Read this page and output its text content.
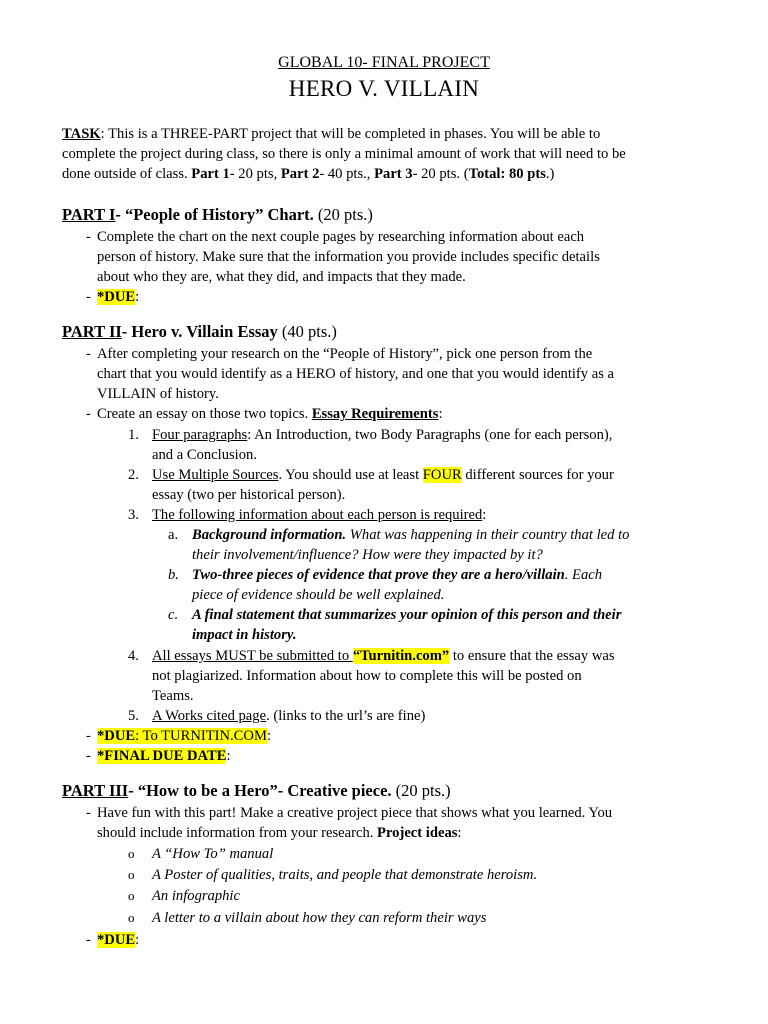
GLOBAL 10- FINAL PROJECT
HERO V. VILLAIN
TASK: This is a THREE-PART project that will be completed in phases. You will be able to
complete the project during class, so there is only a minimal amount of work that will need to be
done outside of class. Part 1- 20 pts, Part 2- 40 pts., Part 3- 20 pts. (Total: 80 pts.)
PART I- “People of History” Chart. (20 pts.)
- Complete the chart on the next couple pages by researching information about each
person of history. Make sure that the information you provide includes specific details
about who they are, what they did, and impacts that they made.
- *DUE:
PART II- Hero v. Villain Essay (40 pts.)
- After completing your research on the “People of History”, pick one person from the
chart that you would identify as a HERO of history, and one that you would identify as a
VILLAIN of history.
- Create an essay on those two topics. Essay Requirements:
1. Four paragraphs: An Introduction, two Body Paragraphs (one for each person),
and a Conclusion.
2. Use Multiple Sources. You should use at least FOUR different sources for your
essay (two per historical person).
3. The following information about each person is required:
a. Background information. What was happening in their country that led to
their involvement/influence? How were they impacted by it?
b. Two-three pieces of evidence that prove they are a hero/villain. Each
piece of evidence should be well explained.
c. A final statement that summarizes your opinion of this person and their
impact in history.
4. All essays MUST be submitted to “Turnitin.com” to ensure that the essay was
not plagiarized. Information about how to complete this will be posted on
Teams.
5. A Works cited page. (links to the url’s are fine)
- *DUE: To TURNITIN.COM:
- *FINAL DUE DATE:
PART III- “How to be a Hero”- Creative piece. (20 pts.)
- Have fun with this part! Make a creative project piece that shows what you learned. You
should include information from your research. Project ideas:
o A “How To” manual
o A Poster of qualities, traits, and people that demonstrate heroism.
o An infographic
o A letter to a villain about how they can reform their ways
- *DUE:
